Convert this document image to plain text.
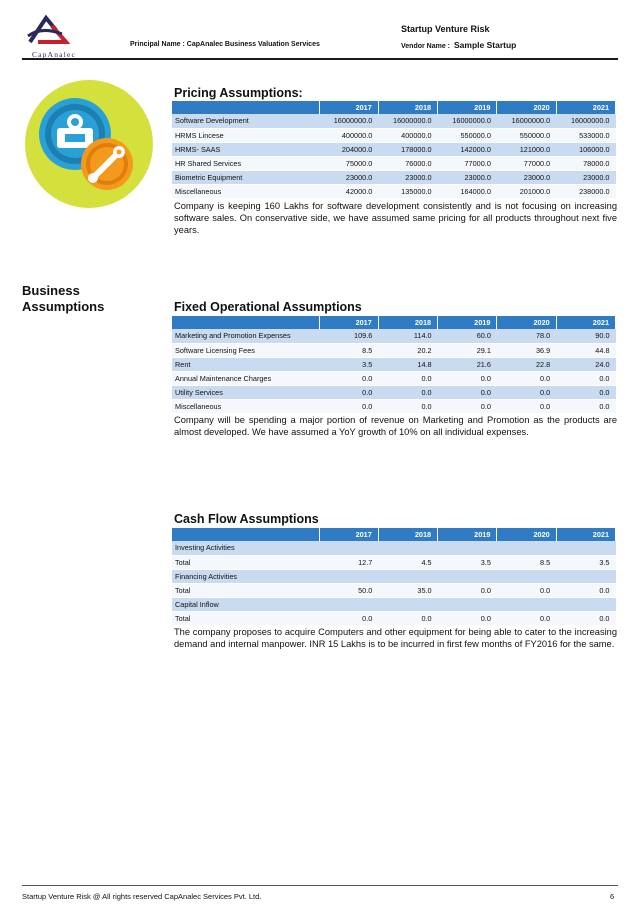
CapAnalec
Startup Venture Risk
Principal Name : CapAnalec Business Valuation Services	Vendor Name : Sample Startup
Business
Assumptions
Pricing Assumptions:
	2017	2018	2019	2020	2021
Software Development	16000000.0	16000000.0	16000000.0	16000000.0	16000000.0
HRMS Lincese	400000.0	400000.0	550000.0	550000.0	533000.0
HRMS- SAAS	204000.0	178000.0	142000.0	121000.0	106000.0
HR Shared Services	75000.0	76000.0	77000.0	77000.0	78000.0
Biometric Equipment	23000.0	23000.0	23000.0	23000.0	23000.0
Miscellaneous	42000.0	135000.0	164000.0	201000.0	238000.0
Company is keeping 160 Lakhs for software development consistently and is not focusing on increasing software sales. On conservative side, we have assumed same pricing for all products throughout next five years.
Fixed Operational Assumptions
	2017	2018	2019	2020	2021
Marketing and Promotion Expenses	109.6	114.0	60.0	78.0	90.0
Software Licensing Fees	8.5	20.2	29.1	36.9	44.8
Rent	3.5	14.8	21.6	22.8	24.0
Annual Maintenance Charges	0.0	0.0	0.0	0.0	0.0
Utility Services	0.0	0.0	0.0	0.0	0.0
Miscellaneous	0.0	0.0	0.0	0.0	0.0
Company will be spending a major portion of revenue on Marketing and Promotion as the products are almost developed. We have assumed a YoY growth of 10% on all individual expenses.
Cash Flow Assumptions
	2017	2018	2019	2020	2021
Investing Activities					
Total	12.7	4.5	3.5	8.5	3.5
Financing Activities					
Total	50.0	35.0	0.0	0.0	0.0
Capital Inflow					
Total	0.0	0.0	0.0	0.0	0.0
The company proposes to acquire Computers and other equipment for being able to cater to the increasing demand and internal manpower. INR 15 Lakhs is to be incurred in first few months of FY2016 for the same.
Startup Venture Risk @ All rights reserved CapAnalec Services Pvt. Ltd.	6
